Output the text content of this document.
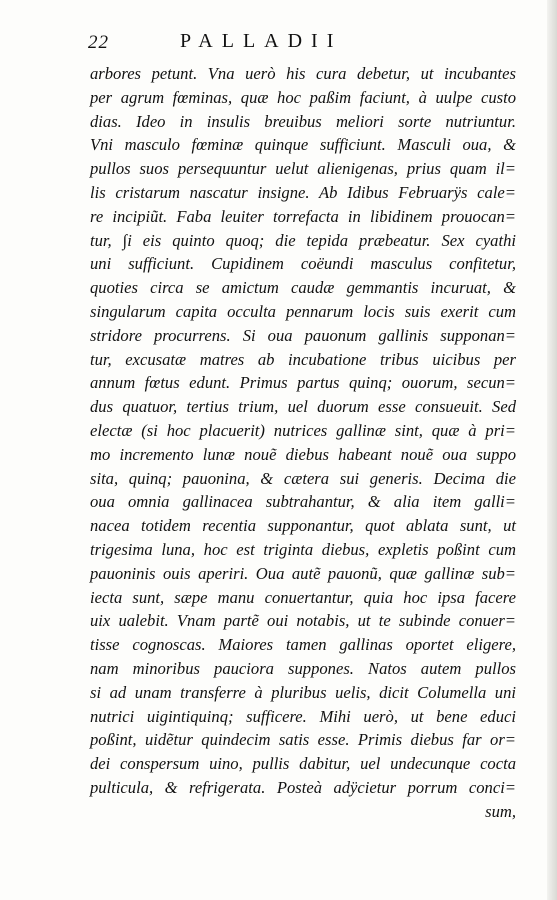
22	PALLADII
arbores petunt. Vna uerò his cura debetur, ut incubantes
per agrum fœminas, quæ hoc paßim faciunt, à uulpe custo
dias. Ideo in insulis breuibus meliori sorte nutriuntur.
Vni masculo fœminæ quinque sufficiunt. Masculi oua, &
pullos suos persequuntur uelut alienigenas, prius quam il=
lis cristarum nascatur insigne. Ab Idibus Februarÿs cale=
re incipiũt. Faba leuiter torrefacta in libidinem prouocan=
tur, ∫i eis quinto quoq; die tepida præbeatur. Sex cyathi
uni sufficiunt. Cupidinem coëundi masculus confitetur,
quoties circa se amictum caudæ gemmantis incuruat, &
singularum capita occulta pennarum locis suis exerit cum
stridore procurrens. Si oua pauonum gallinis supponan=
tur, excusatæ matres ab incubatione tribus uicibus per
annum fœtus edunt. Primus partus quinq; ouorum, secun=
dus quatuor, tertius trium, uel duorum esse consueuit. Sed
electæ (si hoc placuerit) nutrices gallinæ sint, quæ à pri=
mo incremento lunæ nouẽ diebus habeant nouẽ oua suppo
sita, quinq; pauonina, & cætera sui generis. Decima die
oua omnia gallinacea subtrahantur, & alia item galli=
nacea totidem recentia supponantur, quot ablata sunt, ut
trigesima luna, hoc est triginta diebus, expletis poßint cum
pauoninis ouis aperiri. Oua autẽ pauonũ, quæ gallinæ sub=
iecta sunt, sæpe manu conuertantur, quia hoc ipsa facere
uix ualebit. Vnam partẽ oui notabis, ut te subinde conuer=
tisse cognoscas. Maiores tamen gallinas oportet eligere,
nam minoribus pauciora suppones. Natos autem pullos
si ad unam transferre à pluribus uelis, dicit Columella uni
nutrici uigintiquinq; sufficere. Mihi uerò, ut bene educi
poßint, uidẽtur quindecim satis esse. Primis diebus far or=
dei conspersum uino, pullis dabitur, uel undecunque cocta
pulticula, & refrigerata. Posteà adÿcietur porrum conci=
sum,
